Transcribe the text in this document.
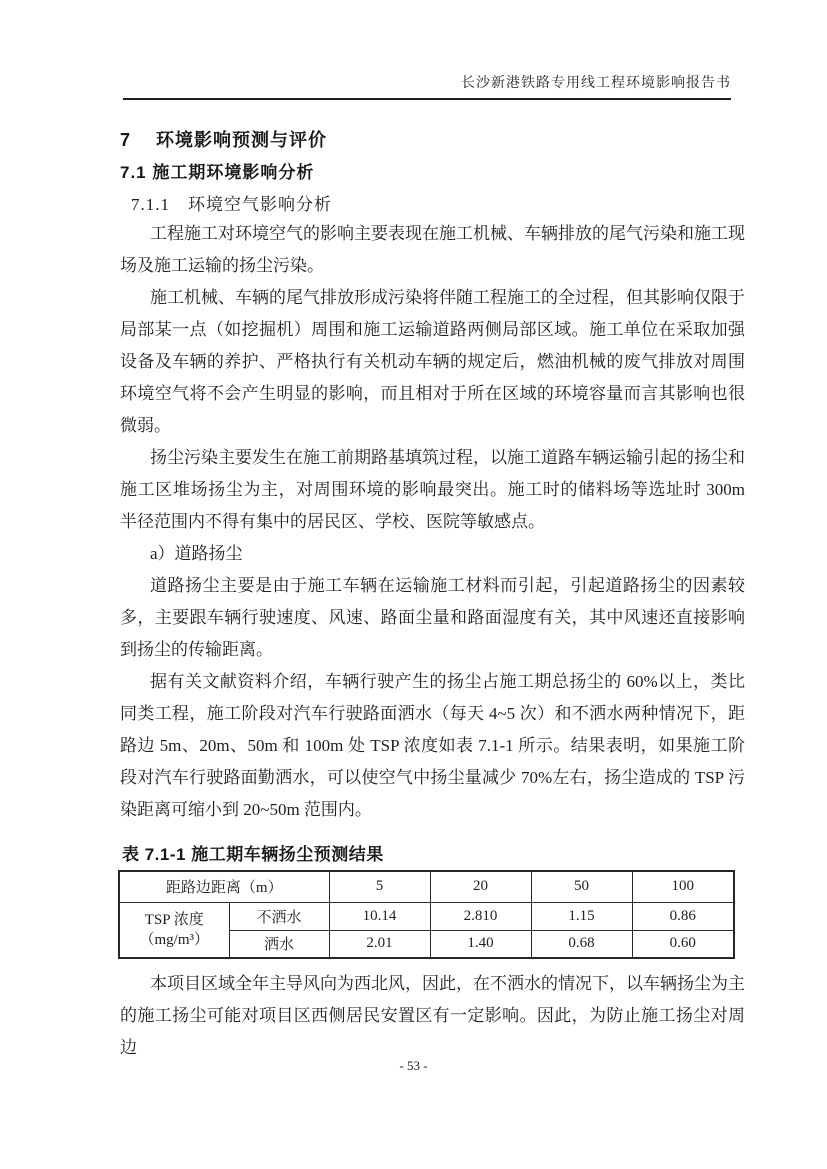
长沙新港铁路专用线工程环境影响报告书
7　 环境影响预测与评价
7.1 施工期环境影响分析
7.1.1　环境空气影响分析

工程施工对环境空气的影响主要表现在施工机械、车辆排放的尾气污染和施工现场及施工运输的扬尘污染。

施工机械、车辆的尾气排放形成污染将伴随工程施工的全过程，但其影响仅限于局部某一点（如挖掘机）周围和施工运输道路两侧局部区域。施工单位在采取加强设备及车辆的养护、严格执行有关机动车辆的规定后，燃油机械的废气排放对周围环境空气将不会产生明显的影响，而且相对于所在区域的环境容量而言其影响也很微弱。

扬尘污染主要发生在施工前期路基填筑过程，以施工道路车辆运输引起的扬尘和施工区堆场扬尘为主，对周围环境的影响最突出。施工时的储料场等选址时 300m 半径范围内不得有集中的居民区、学校、医院等敏感点。

a）道路扬尘

道路扬尘主要是由于施工车辆在运输施工材料而引起，引起道路扬尘的因素较多，主要跟车辆行驶速度、风速、路面尘量和路面湿度有关，其中风速还直接影响到扬尘的传输距离。

据有关文献资料介绍，车辆行驶产生的扬尘占施工期总扬尘的 60%以上，类比同类工程，施工阶段对汽车行驶路面洒水（每天 4~5 次）和不洒水两种情况下，距路边 5m、20m、50m 和 100m 处 TSP 浓度如表 7.1-1 所示。结果表明，如果施工阶段对汽车行驶路面勤洒水，可以使空气中扬尘量减少 70%左右，扬尘造成的 TSP 污染距离可缩小到 20~50m 范围内。

表 7.1-1 施工期车辆扬尘预测结果
距路边距离（m）		5	20	50	100

TSP 浓度
（mg/m³）	不洒水	10.14	2.810	1.15	0.86
	洒水	2.01	1.40	0.68	0.60

本项目区域全年主导风向为西北风，因此，在不洒水的情况下，以车辆扬尘为主的施工扬尘可能对项目区西侧居民安置区有一定影响。因此，为防止施工扬尘对周边

- 53 -
